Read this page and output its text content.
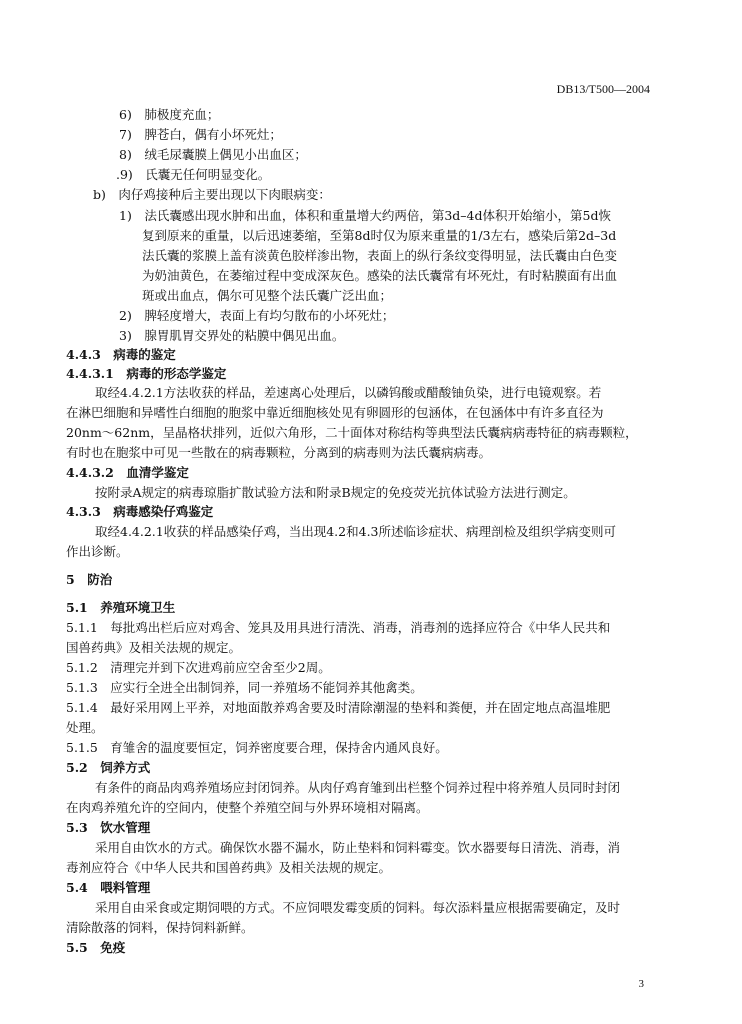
DB13/T500—2004
6)　肺极度充血；
7)　脾苍白，偶有小坏死灶；
8)　绒毛尿囊膜上偶见小出血区；
.9)　氏囊无任何明显变化。
b)　肉仔鸡接种后主要出现以下肉眼病变：
1)　法氏囊感出现水肿和出血，体积和重量增大约两倍，第3d–4d体积开始缩小，第5d恢
复到原来的重量，以后迅速萎缩，至第8d时仅为原来重量的1/3左右，感染后第2d–3d
法氏囊的浆膜上盖有淡黄色胶样渗出物，表面上的纵行条纹变得明显，法氏囊由白色变
为奶油黄色，在萎缩过程中变成深灰色。感染的法氏囊常有坏死灶，有时粘膜面有出血
斑或出血点，偶尔可见整个法氏囊广泛出血；
2)　脾轻度增大，表面上有均匀散布的小坏死灶；
3)　腺胃肌胃交界处的粘膜中偶见出血。
4.4.3　病毒的鉴定
4.4.3.1　病毒的形态学鉴定
取经4.4.2.1方法收获的样品，差速离心处理后，以磷钨酸或醋酸铀负染，进行电镜观察。若
在淋巴细胞和异嗜性白细胞的胞浆中靠近细胞核处见有卵圆形的包涵体，在包涵体中有许多直径为
20nm～62nm，呈晶格状排列，近似六角形，二十面体对称结构等典型法氏囊病病毒特征的病毒颗粒，
有时也在胞浆中可见一些散在的病毒颗粒，分离到的病毒则为法氏囊病病毒。
4.4.3.2　血清学鉴定
按附录A规定的病毒琼脂扩散试验方法和附录B规定的免疫荧光抗体试验方法进行测定。
4.3.3　病毒感染仔鸡鉴定
取经4.4.2.1收获的样品感染仔鸡，当出现4.2和4.3所述临诊症状、病理剖检及组织学病变则可
作出诊断。
5　防治
5.1　养殖环境卫生
5.1.1　每批鸡出栏后应对鸡舍、笼具及用具进行清洗、消毒，消毒剂的选择应符合《中华人民共和
国兽药典》及相关法规的规定。
5.1.2　清理完并到下次进鸡前应空舍至少2周。
5.1.3　应实行全进全出制饲养，同一养殖场不能饲养其他禽类。
5.1.4　最好采用网上平养，对地面散养鸡舍要及时清除潮湿的垫料和粪便，并在固定地点高温堆肥
处理。
5.1.5　育雏舍的温度要恒定，饲养密度要合理，保持舍内通风良好。
5.2　饲养方式
有条件的商品肉鸡养殖场应封闭饲养。从肉仔鸡育雏到出栏整个饲养过程中将养殖人员同时封闭
在肉鸡养殖允许的空间内，使整个养殖空间与外界环境相对隔离。
5.3　饮水管理
采用自由饮水的方式。确保饮水器不漏水，防止垫料和饲料霉变。饮水器要每日清洗、消毒，消
毒剂应符合《中华人民共和国兽药典》及相关法规的规定。
5.4　喂料管理
采用自由采食或定期饲喂的方式。不应饲喂发霉变质的饲料。每次添料量应根据需要确定，及时
清除散落的饲料，保持饲料新鲜。
5.5　免疫
3
